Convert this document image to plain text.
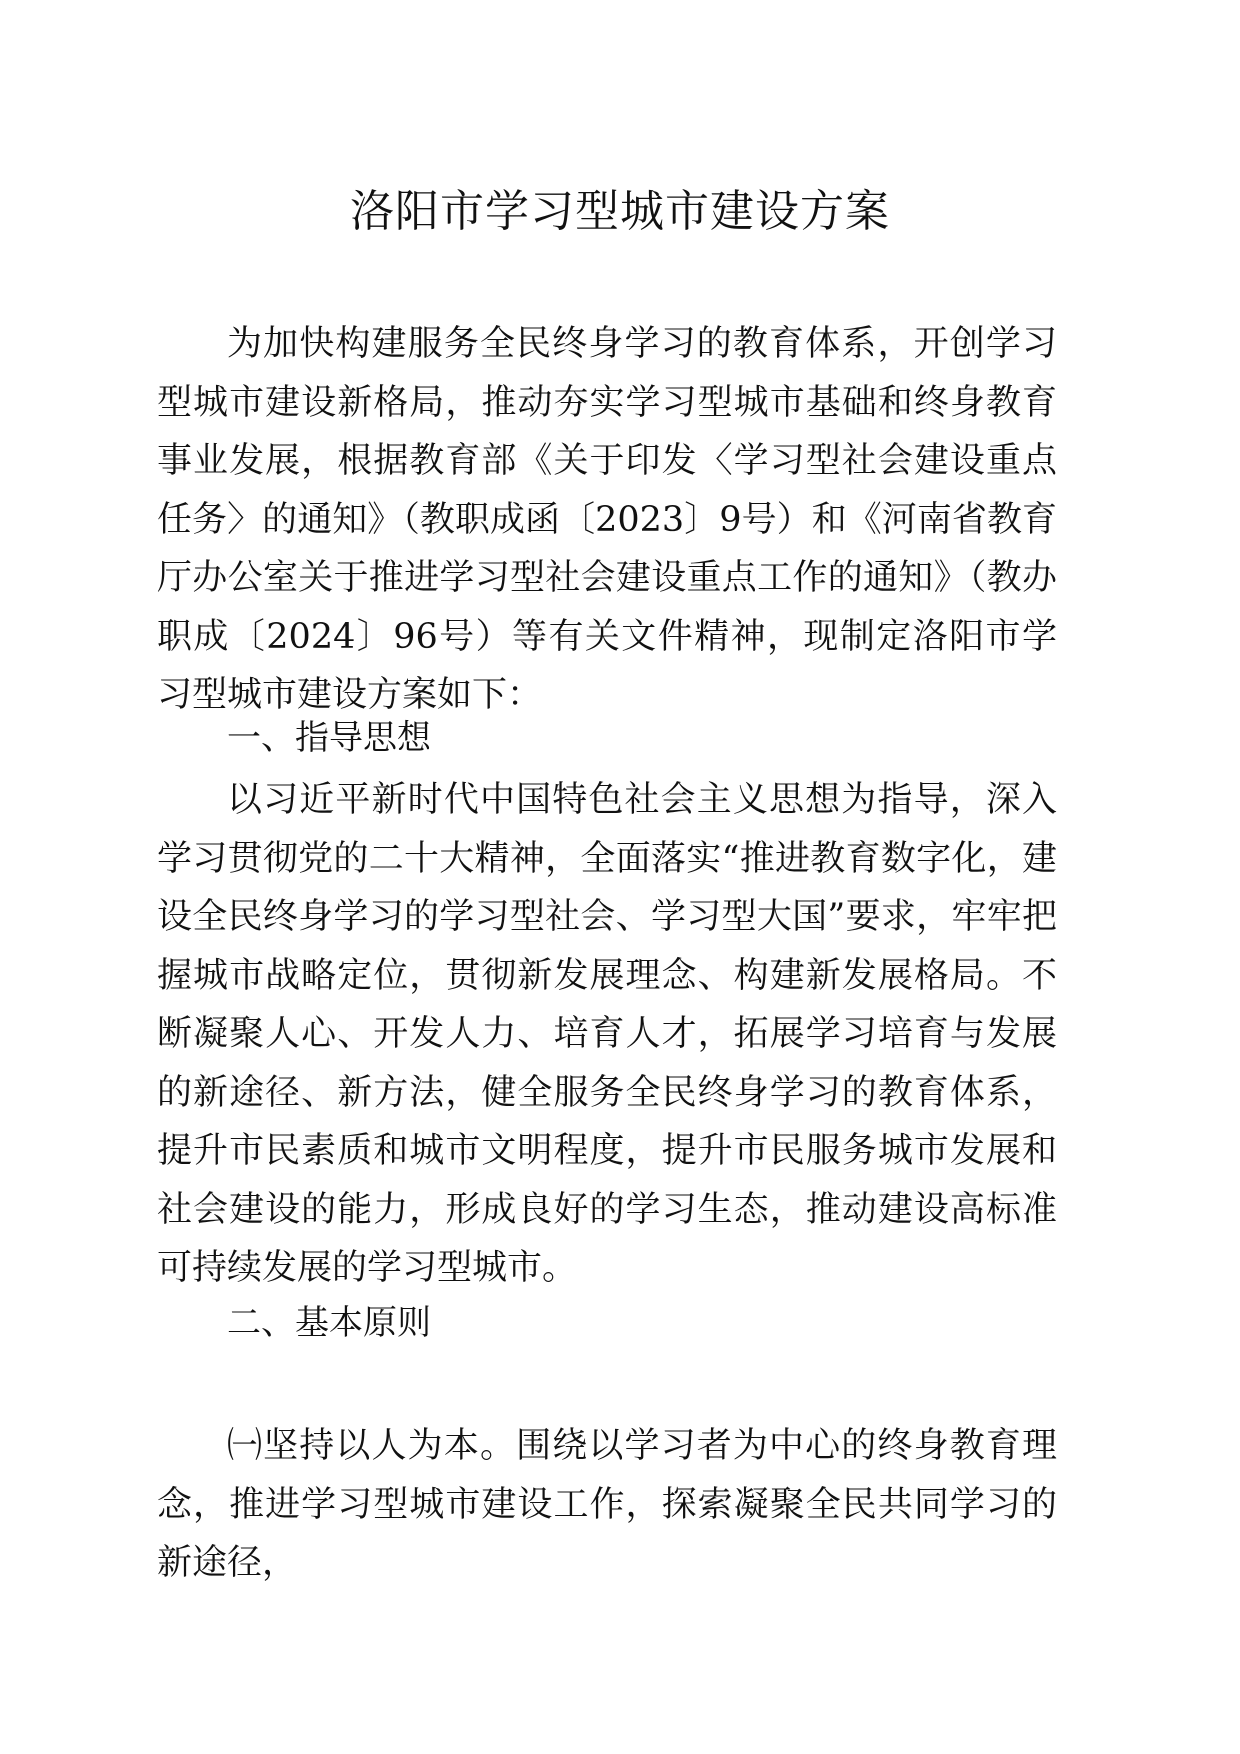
洛阳市学习型城市建设方案

为加快构建服务全民终身学习的教育体系，开创学习型城市建设新格局，推动夯实学习型城市基础和终身教育事业发展，根据教育部《关于印发〈学习型社会建设重点任务〉的通知》（教职成函〔2023〕9号）和《河南省教育厅办公室关于推进学习型社会建设重点工作的通知》（教办职成〔2024〕96号）等有关文件精神，现制定洛阳市学习型城市建设方案如下：

一、指导思想

以习近平新时代中国特色社会主义思想为指导，深入学习贯彻党的二十大精神，全面落实“推进教育数字化，建设全民终身学习的学习型社会、学习型大国”要求，牢牢把握城市战略定位，贯彻新发展理念、构建新发展格局。不断凝聚人心、开发人力、培育人才，拓展学习培育与发展的新途径、新方法，健全服务全民终身学习的教育体系，提升市民素质和城市文明程度，提升市民服务城市发展和社会建设的能力，形成良好的学习生态，推动建设高标准可持续发展的学习型城市。

二、基本原则

㈠坚持以人为本。围绕以学习者为中心的终身教育理念，推进学习型城市建设工作，探索凝聚全民共同学习的新途径，
